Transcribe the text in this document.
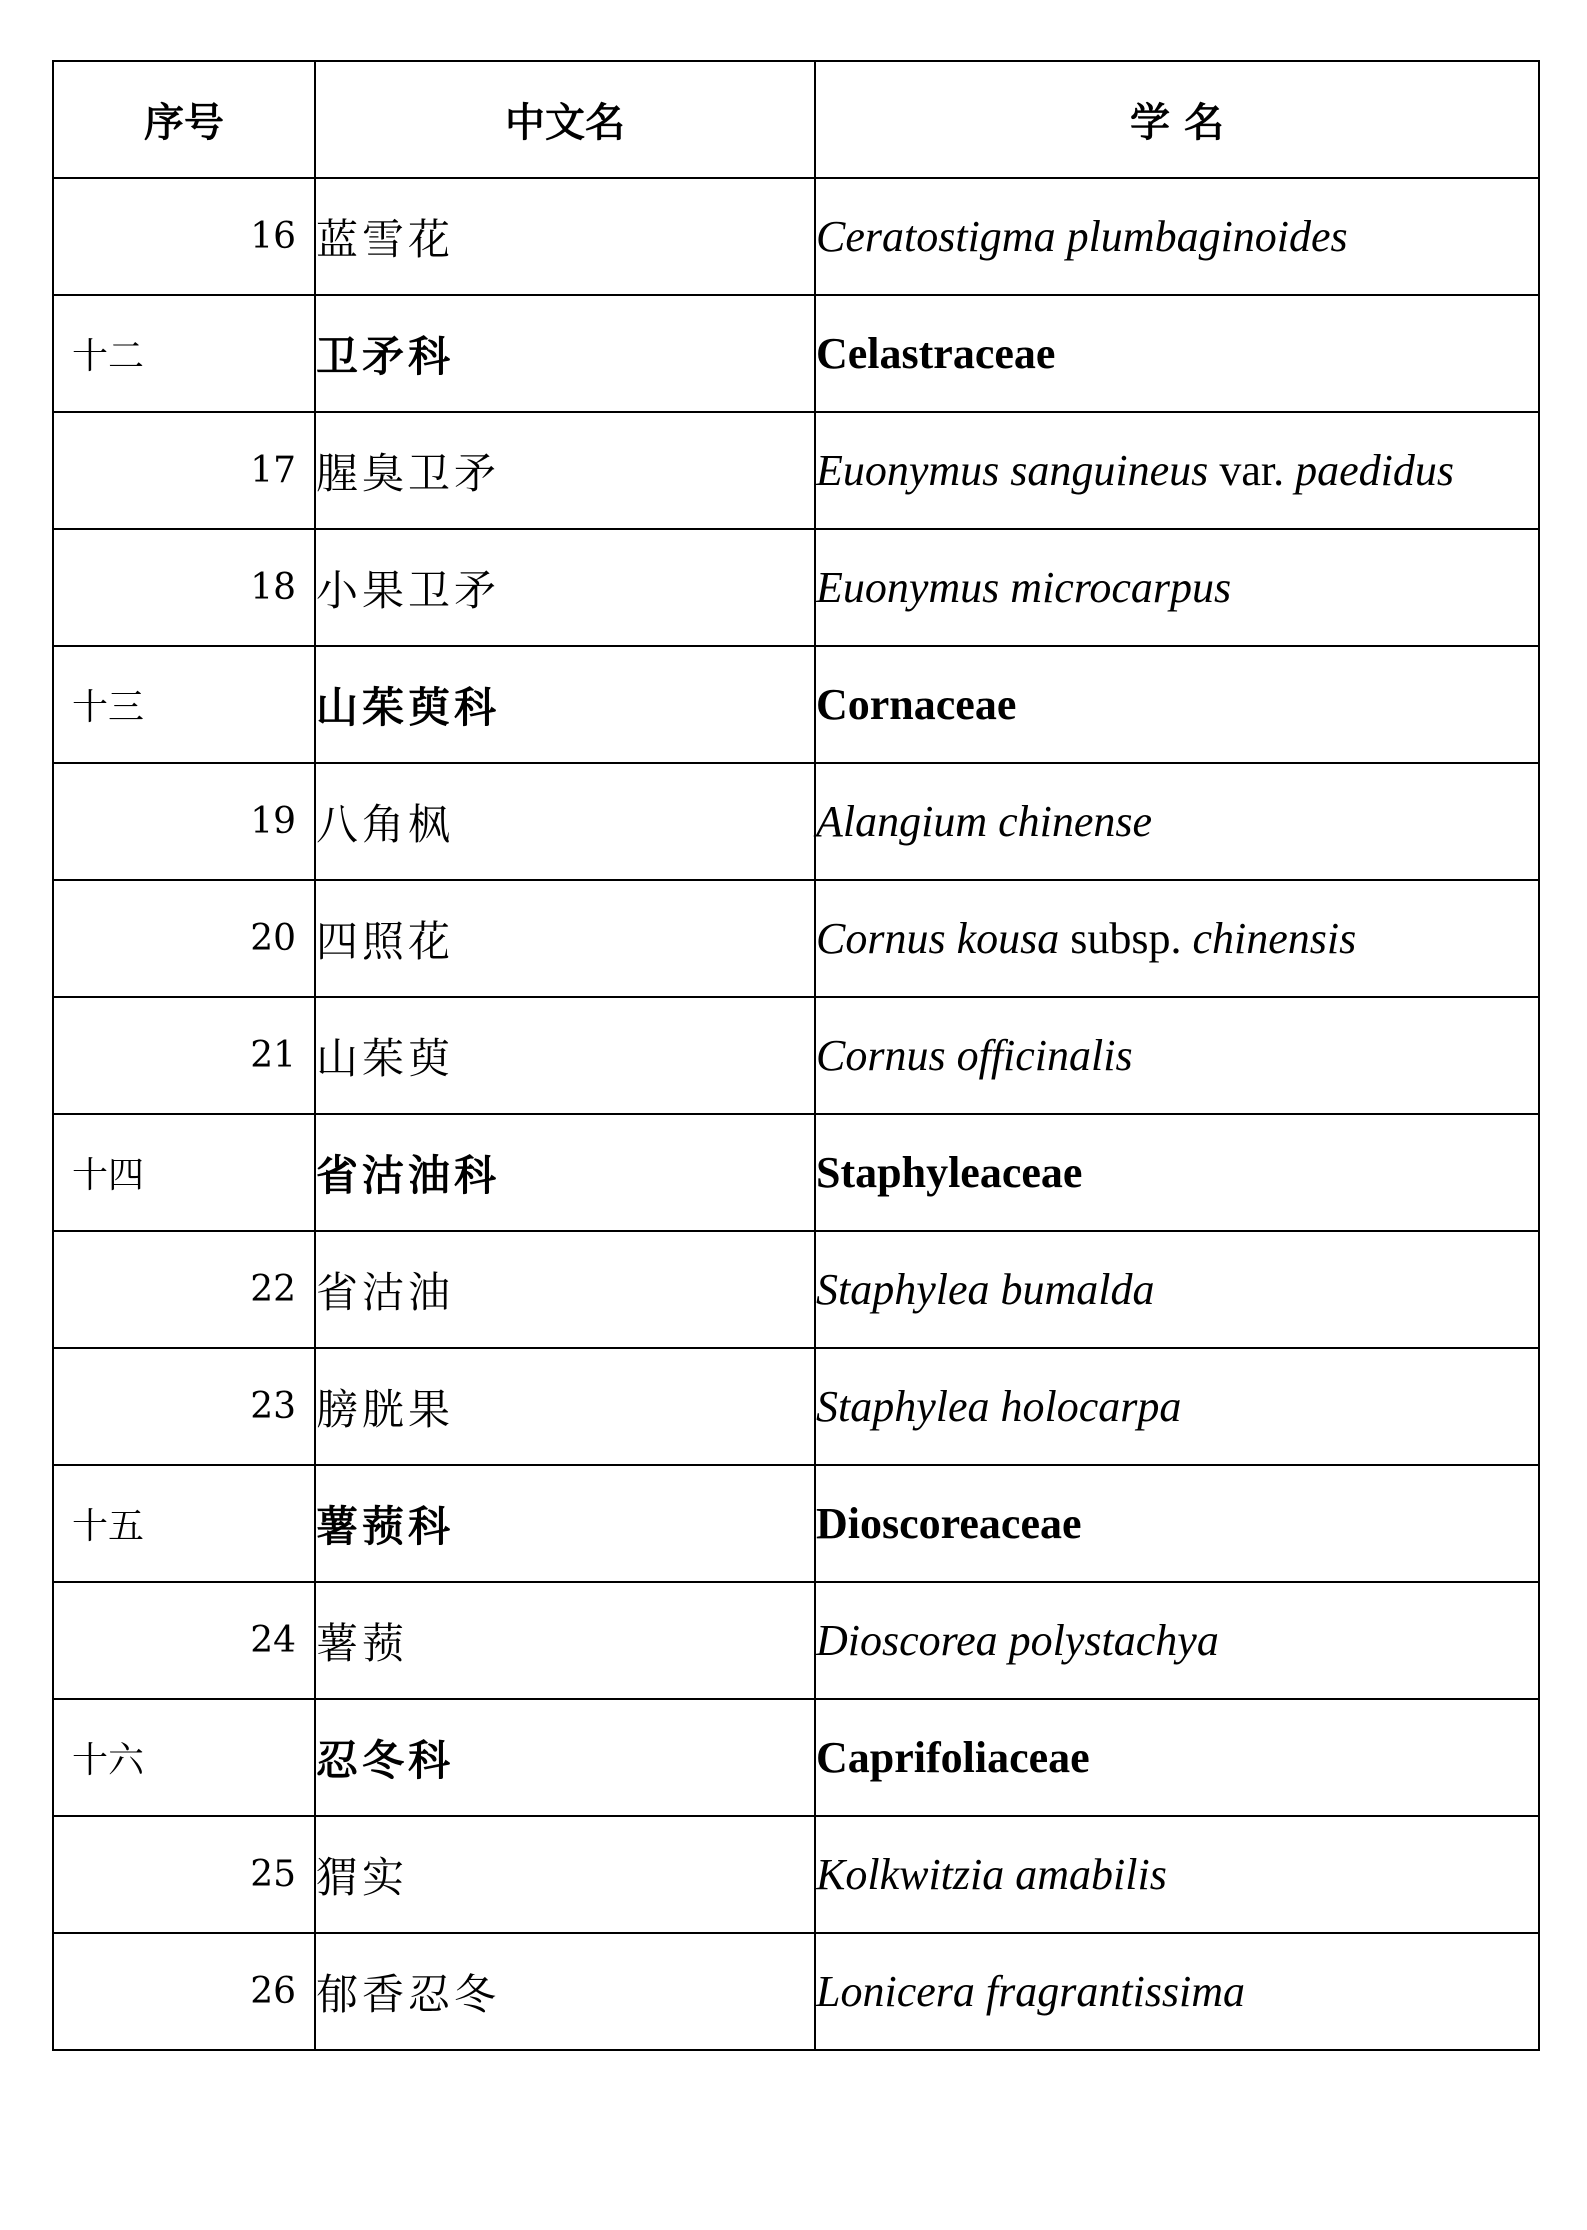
序号	中文名	学 名
16	蓝雪花	Ceratostigma plumbaginoides
十二	卫矛科	Celastraceae
17	腥臭卫矛	Euonymus sanguineus var. paedidus
18	小果卫矛	Euonymus microcarpus
十三	山茱萸科	Cornaceae
19	八角枫	Alangium chinense
20	四照花	Cornus kousa subsp. chinensis
21	山茱萸	Cornus officinalis
十四	省沽油科	Staphyleaceae
22	省沽油	Staphylea bumalda
23	膀胱果	Staphylea holocarpa
十五	薯蓣科	Dioscoreaceae
24	薯蓣	Dioscorea polystachya
十六	忍冬科	Caprifoliaceae
25	猬实	Kolkwitzia amabilis
26	郁香忍冬	Lonicera fragrantissima
